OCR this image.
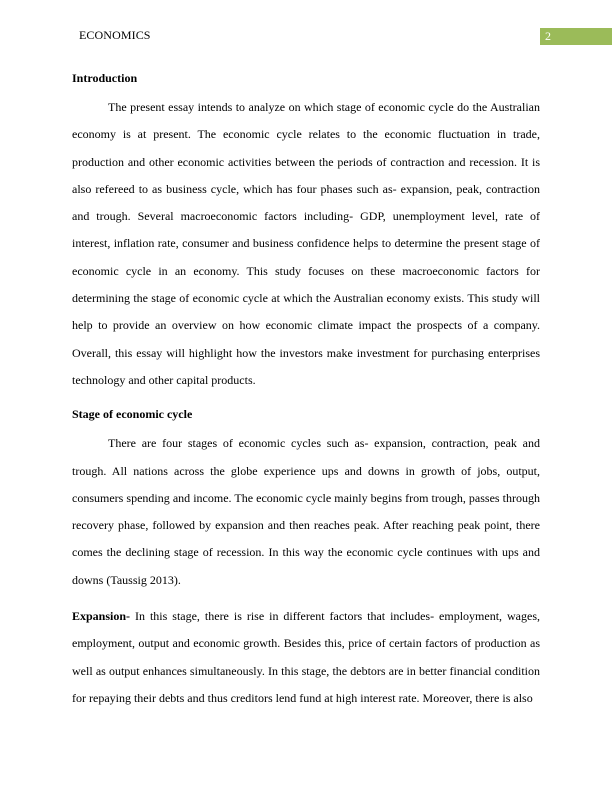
ECONOMICS	2
Introduction

The present essay intends to analyze on which stage of economic cycle do the Australian economy is at present. The economic cycle relates to the economic fluctuation in trade, production and other economic activities between the periods of contraction and recession. It is also refereed to as business cycle, which has four phases such as- expansion, peak, contraction and trough. Several macroeconomic factors including- GDP, unemployment level, rate of interest, inflation rate, consumer and business confidence helps to determine the present stage of economic cycle in an economy. This study focuses on these macroeconomic factors for determining the stage of economic cycle at which the Australian economy exists. This study will help to provide an overview on how economic climate impact the prospects of a company. Overall, this essay will highlight how the investors make investment for purchasing enterprises technology and other capital products.

Stage of economic cycle

There are four stages of economic cycles such as- expansion, contraction, peak and trough. All nations across the globe experience ups and downs in growth of jobs, output, consumers spending and income. The economic cycle mainly begins from trough, passes through recovery phase, followed by expansion and then reaches peak. After reaching peak point, there comes the declining stage of recession. In this way the economic cycle continues with ups and downs (Taussig 2013).

Expansion- In this stage, there is rise in different factors that includes- employment, wages, employment, output and economic growth. Besides this, price of certain factors of production as well as output enhances simultaneously. In this stage, the debtors are in better financial condition for repaying their debts and thus creditors lend fund at high interest rate. Moreover, there is also
